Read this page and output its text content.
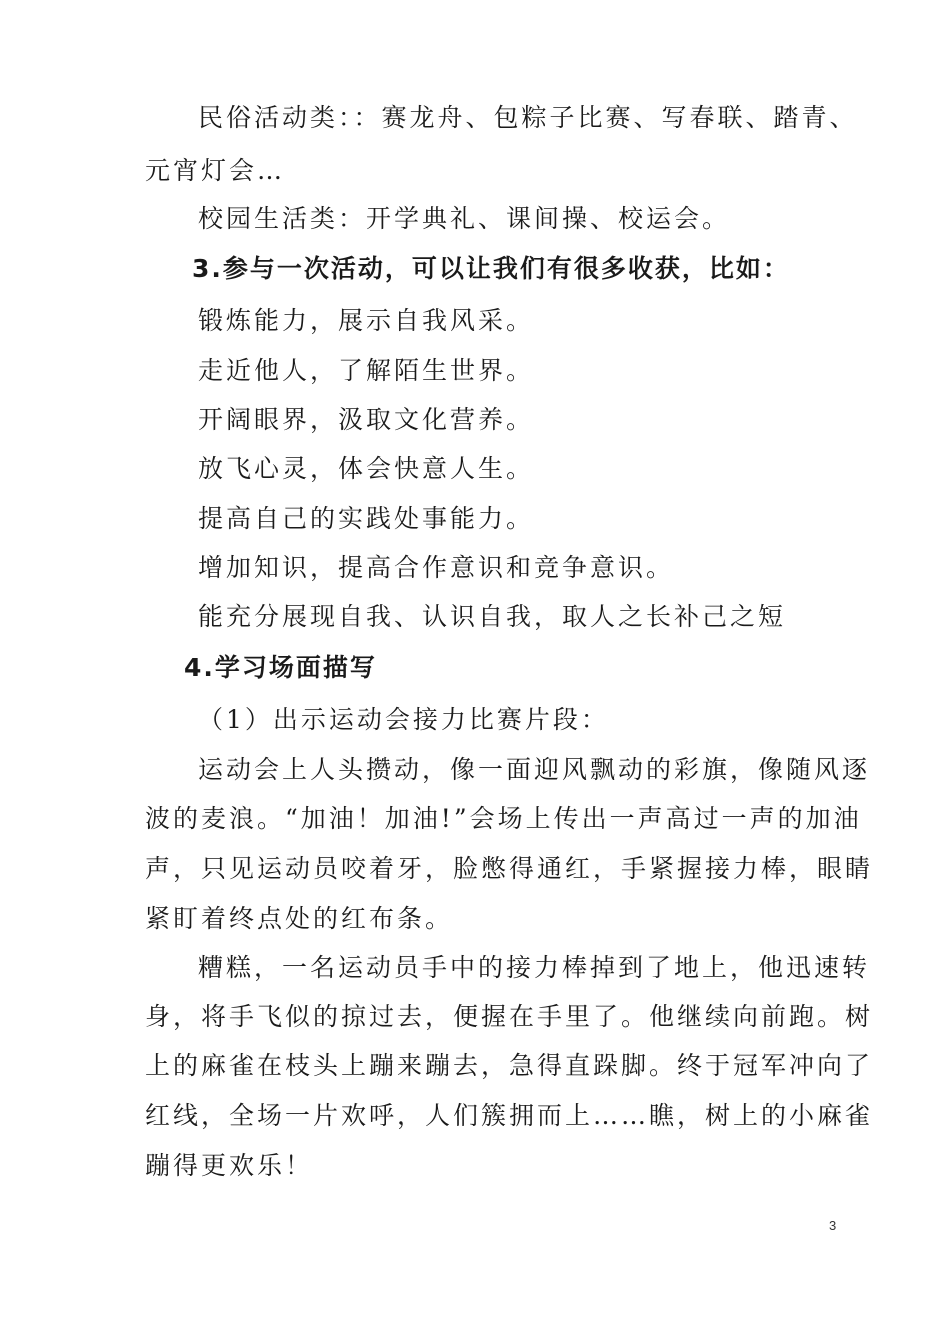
民俗活动类：：赛龙舟、包粽子比赛、写春联、踏青、
元宵灯会…
校园生活类：开学典礼、课间操、校运会。
3.参与一次活动，可以让我们有很多收获，比如：
锻炼能力，展示自我风采。
走近他人，了解陌生世界。
开阔眼界，汲取文化营养。
放飞心灵，体会快意人生。
提高自己的实践处事能力。
增加知识，提高合作意识和竞争意识。
能充分展现自我、认识自我，取人之长补己之短
4.学习场面描写
（1）出示运动会接力比赛片段：
运动会上人头攒动，像一面迎风飘动的彩旗，像随风逐
波的麦浪。“加油！加油!”会场上传出一声高过一声的加油
声，只见运动员咬着牙，脸憋得通红，手紧握接力棒，眼睛
紧盯着终点处的红布条。
糟糕，一名运动员手中的接力棒掉到了地上，他迅速转
身，将手飞似的掠过去，便握在手里了。他继续向前跑。树
上的麻雀在枝头上蹦来蹦去，急得直跺脚。终于冠军冲向了
红线，全场一片欢呼，人们簇拥而上……瞧，树上的小麻雀
蹦得更欢乐！
3
